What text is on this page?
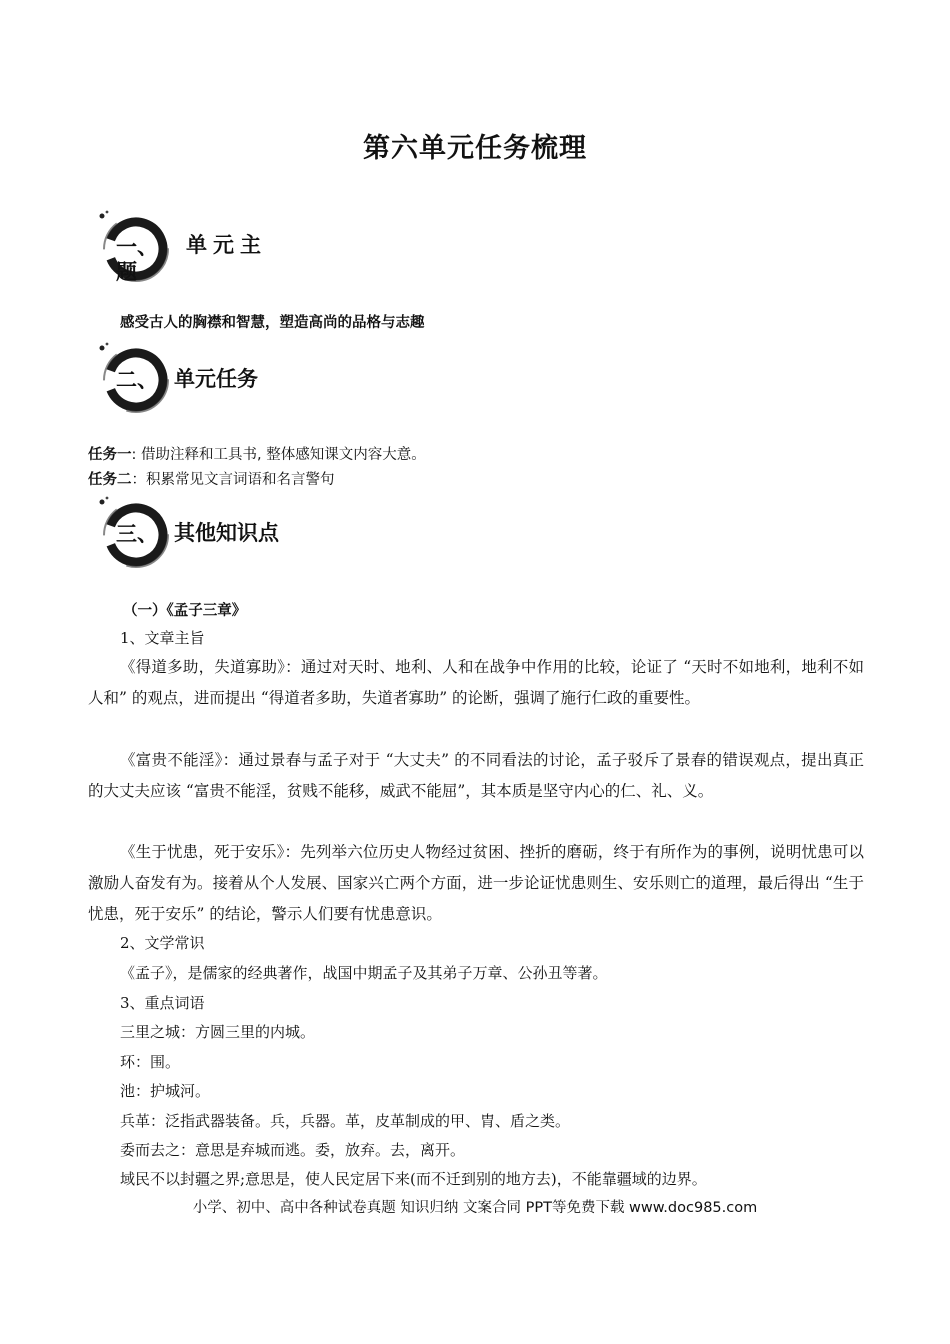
第六单元任务梳理
一、
题
单元主
感受古人的胸襟和智慧，塑造高尚的品格与志趣
二、 单元任务
任务一: 借助注释和工具书, 整体感知课文内容大意。
任务二：积累常见文言词语和名言警句
三、 其他知识点
（一）《孟子三章》
1、文章主旨
《得道多助，失道寡助》：通过对天时、地利、人和在战争中作用的比较，论证了 “天时不如地利，地利不如人和” 的观点，进而提出 “得道者多助，失道者寡助” 的论断，强调了施行仁政的重要性。
《富贵不能淫》：通过景春与孟子对于 “大丈夫” 的不同看法的讨论，孟子驳斥了景春的错误观点，提出真正的大丈夫应该 “富贵不能淫，贫贱不能移，威武不能屈”，其本质是坚守内心的仁、礼、义。
《生于忧患，死于安乐》：先列举六位历史人物经过贫困、挫折的磨砺，终于有所作为的事例，说明忧患可以激励人奋发有为。接着从个人发展、国家兴亡两个方面，进一步论证忧患则生、安乐则亡的道理，最后得出 “生于忧患，死于安乐” 的结论，警示人们要有忧患意识。
2、文学常识
《孟子》，是儒家的经典著作，战国中期孟子及其弟子万章、公孙丑等著。
3、重点词语
三里之城：方圆三里的内城。
环：围。
池：护城河。
兵革：泛指武器装备。兵，兵器。革，皮革制成的甲、胄、盾之类。
委而去之：意思是弃城而逃。委，放弃。去，离开。
域民不以封疆之界;意思是，使人民定居下来(而不迁到别的地方去)，不能靠疆域的边界。
小学、初中、高中各种试卷真题 知识归纳 文案合同 PPT等免费下载 www.doc985.com
